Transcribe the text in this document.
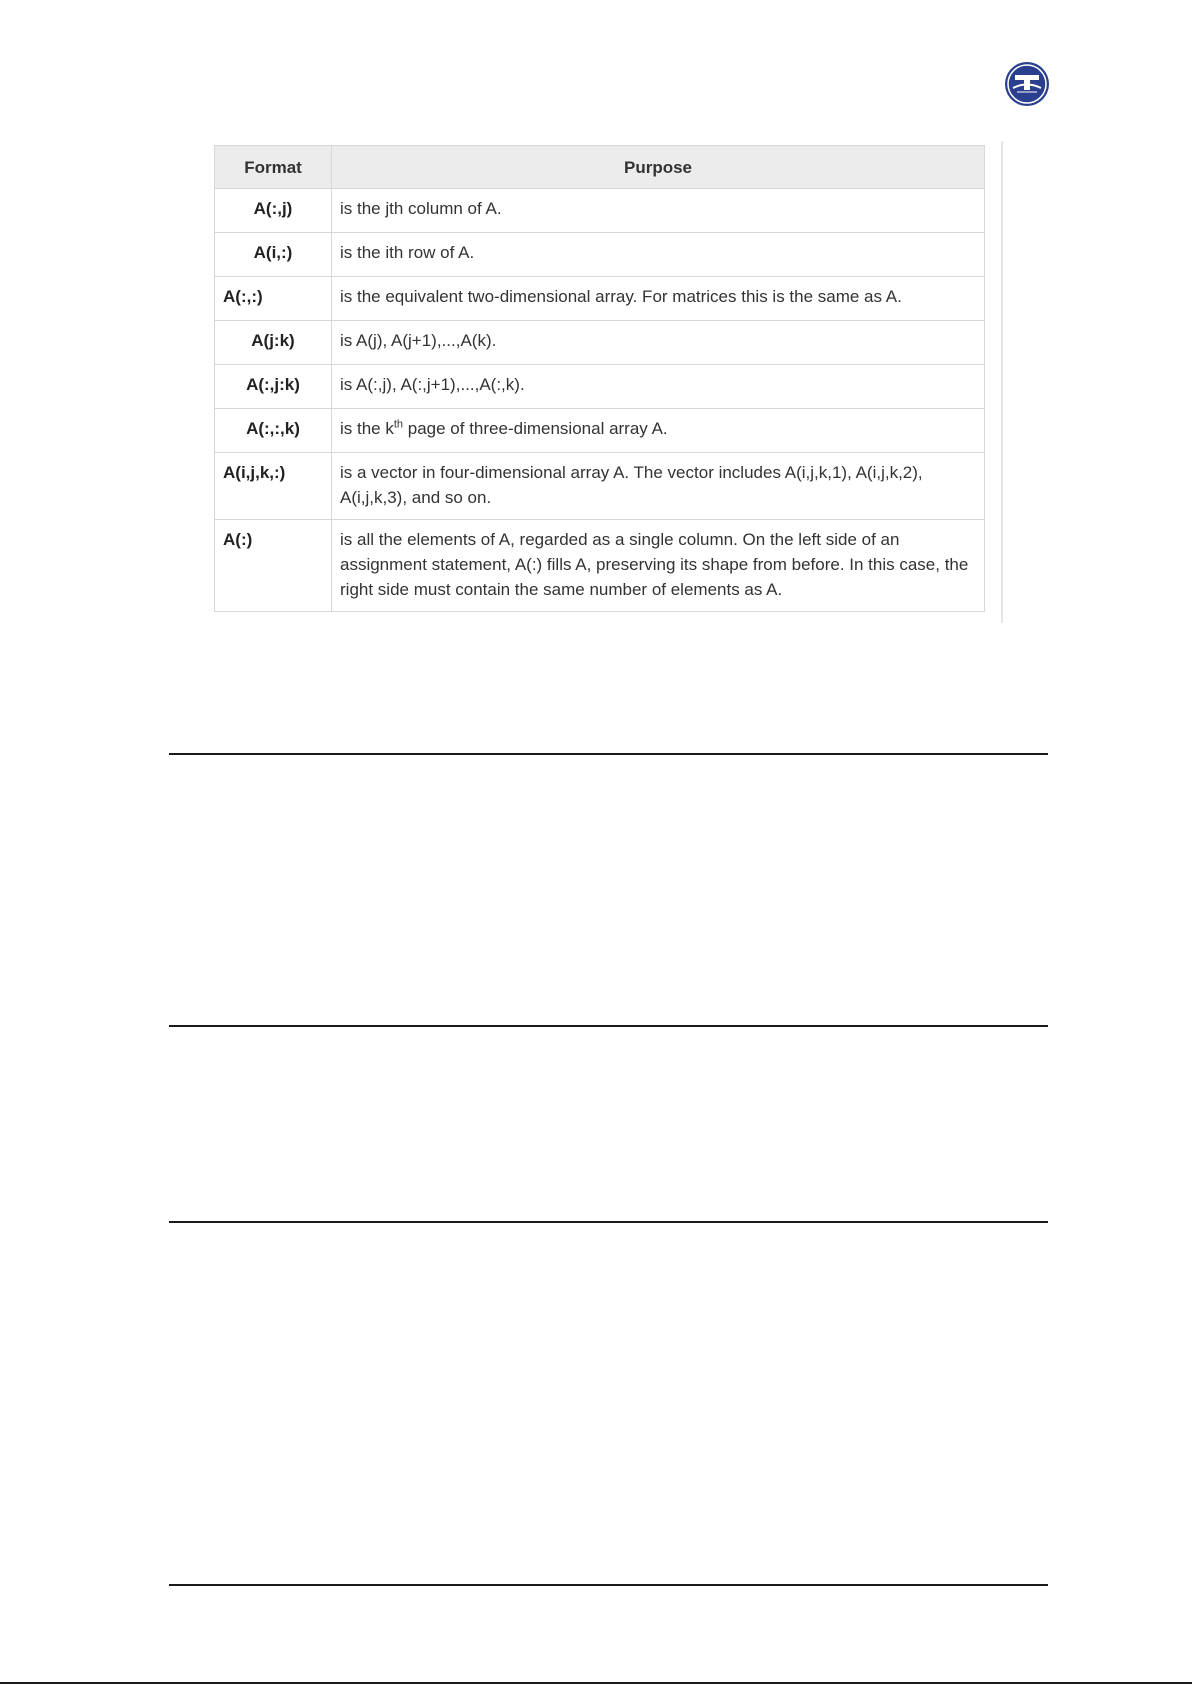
Format	Purpose
A(:,j)	is the jth column of A.
A(i,:)	is the ith row of A.
A(:,:)	is the equivalent two-dimensional array. For matrices this is the same as A.
A(j:k)	is A(j), A(j+1),...,A(k).
A(:,j:k)	is A(:,j), A(:,j+1),...,A(:,k).
A(:,:,k)	is the $k^{th}$ page of three-dimensional array A.
A(i,j,k,:)	is a vector in four-dimensional array A. The vector includes A(i,j,k,1), A(i,j,k,2), A(i,j,k,3), and so on.
A(:)	is all the elements of A, regarded as a single column. On the left side of an assignment statement, A(:) fills A, preserving its shape from before. In this case, the right side must contain the same number of elements as A.
